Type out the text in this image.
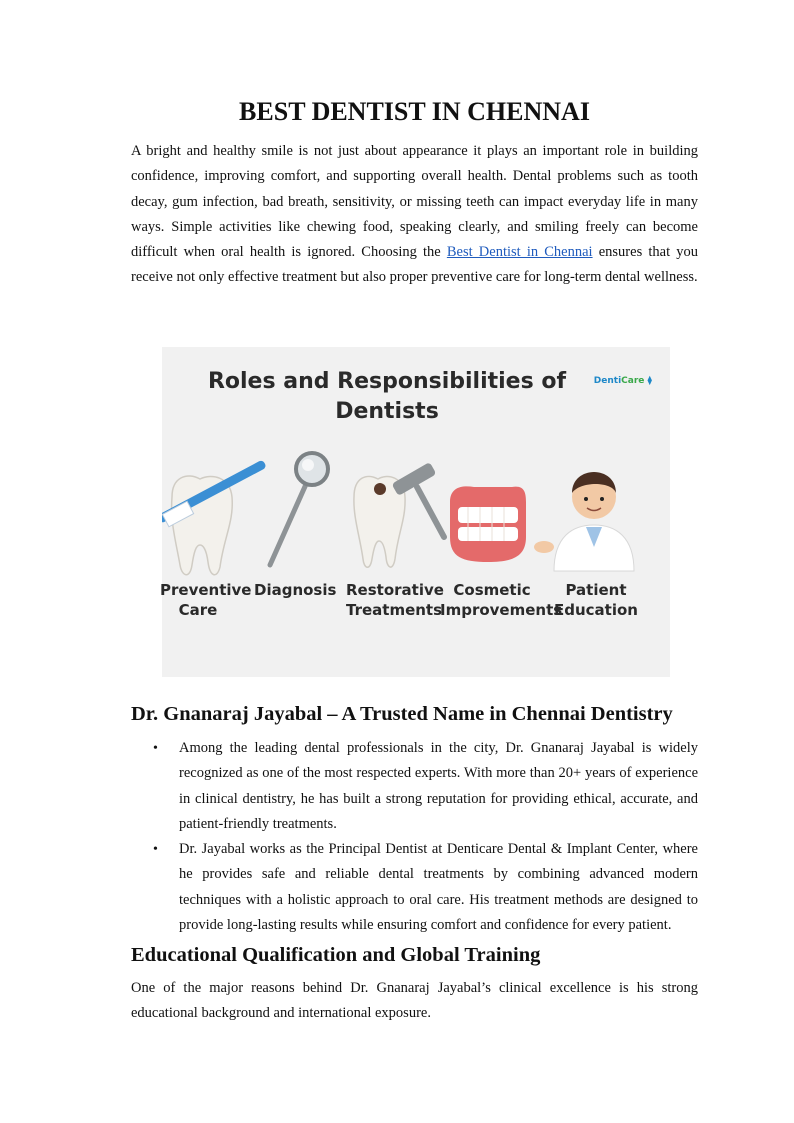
BEST DENTIST IN CHENNAI

A bright and healthy smile is not just about appearance it plays an important role in building confidence, improving comfort, and supporting overall health. Dental problems such as tooth decay, gum infection, bad breath, sensitivity, or missing teeth can impact everyday life in many ways. Simple activities like chewing food, speaking clearly, and smiling freely can become difficult when oral health is ignored. Choosing the Best Dentist in Chennai ensures that you receive not only effective treatment but also proper preventive care for long-term dental wellness.

Dr. Gnanaraj Jayabal – A Trusted Name in Chennai Dentistry
• Among the leading dental professionals in the city, Dr. Gnanaraj Jayabal is widely recognized as one of the most respected experts. With more than 20+ years of experience in clinical dentistry, he has built a strong reputation for providing ethical, accurate, and patient-friendly treatments.

• Dr. Jayabal works as the Principal Dentist at Denticare Dental & Implant Center, where he provides safe and reliable dental treatments by combining advanced modern techniques with a holistic approach to oral care. His treatment methods are designed to provide long-lasting results while ensuring comfort and confidence for every patient.

Educational Qualification and Global Training

One of the major reasons behind Dr. Gnanaraj Jayabal’s clinical excellence is his strong educational background and international exposure.

Roles and Responsibilities of
Dentists
DentiCare ⧫
Preventive
Care
Diagnosis Restorative
Treatments
Cosmetic
Improvements
Patient
Education
